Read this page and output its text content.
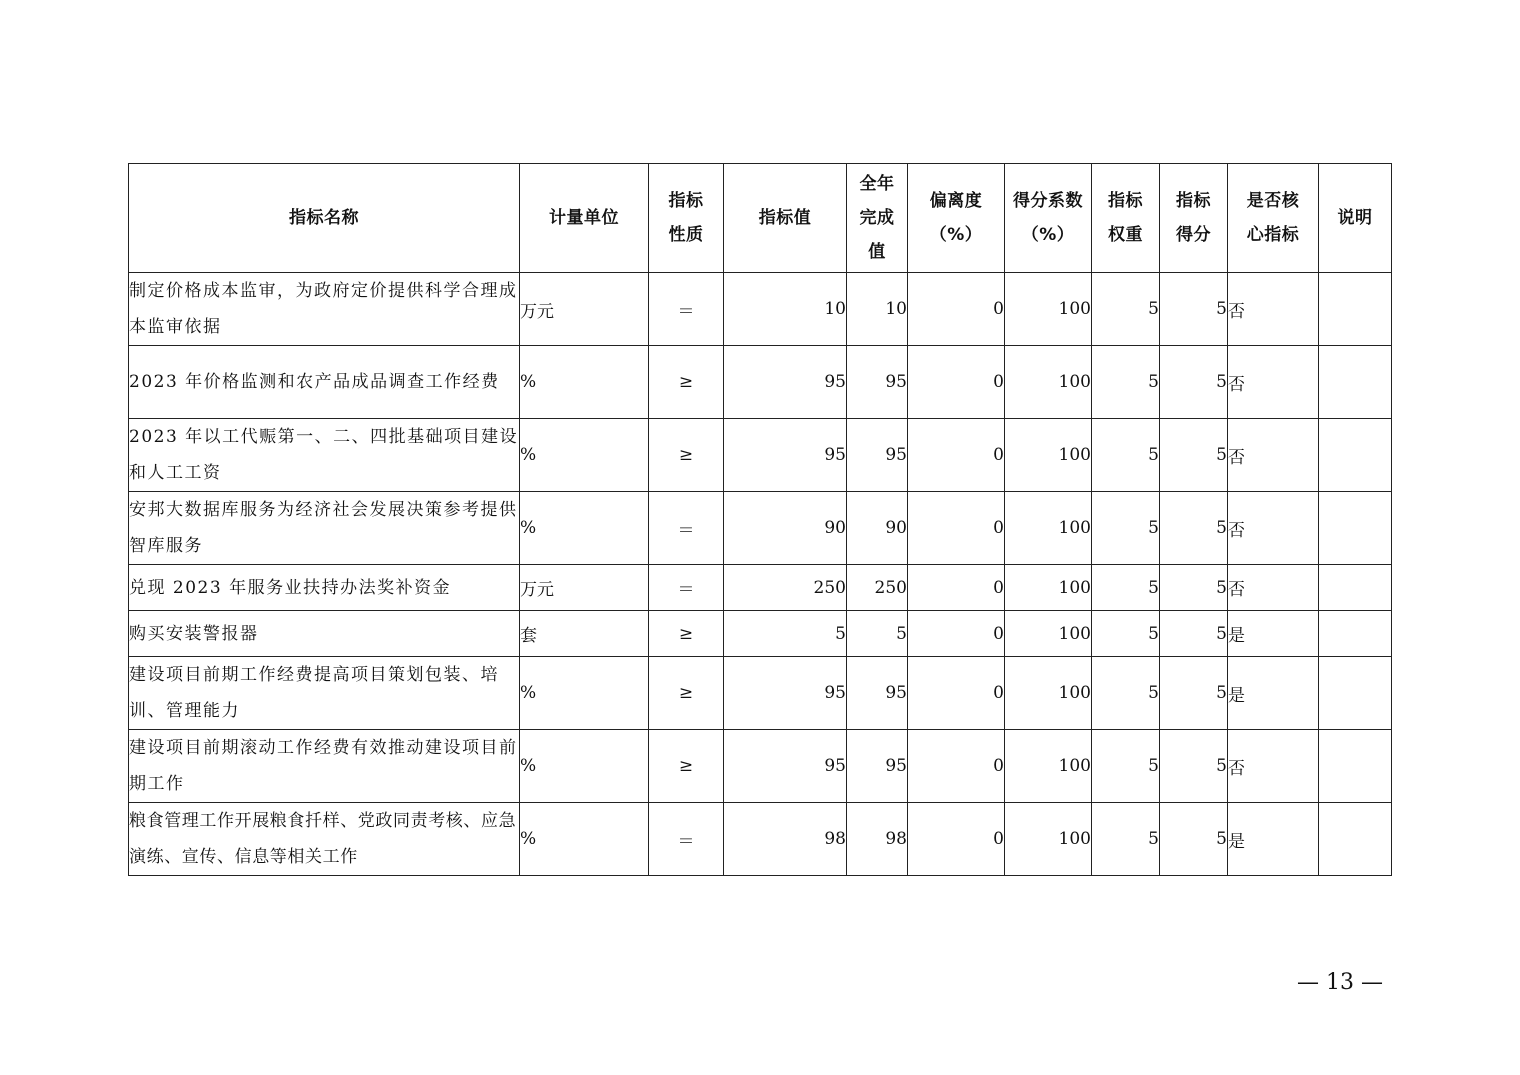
指标名称	计量单位	指标性质	指标值	全年完成值	偏离度（%）	得分系数（%）	指标权重	指标得分	是否核心指标	说明
制定价格成本监审，为政府定价提供科学合理成本监审依据	万元	＝	10	10	0	100	5	5	否	
2023 年价格监测和农产品成品调查工作经费	%	≥	95	95	0	100	5	5	否	
2023 年以工代赈第一、二、四批基础项目建设和人工工资	%	≥	95	95	0	100	5	5	否	
安邦大数据库服务为经济社会发展决策参考提供智库服务	%	＝	90	90	0	100	5	5	否	
兑现 2023 年服务业扶持办法奖补资金	万元	＝	250	250	0	100	5	5	否	
购买安装警报器	套	≥	5	5	0	100	5	5	是	
建设项目前期工作经费提高项目策划包装、培训、管理能力	%	≥	95	95	0	100	5	5	是	
建设项目前期滚动工作经费有效推动建设项目前期工作	%	≥	95	95	0	100	5	5	否	
粮食管理工作开展粮食扦样、党政同责考核、应急演练、宣传、信息等相关工作	%	＝	98	98	0	100	5	5	是	
— 13 —
